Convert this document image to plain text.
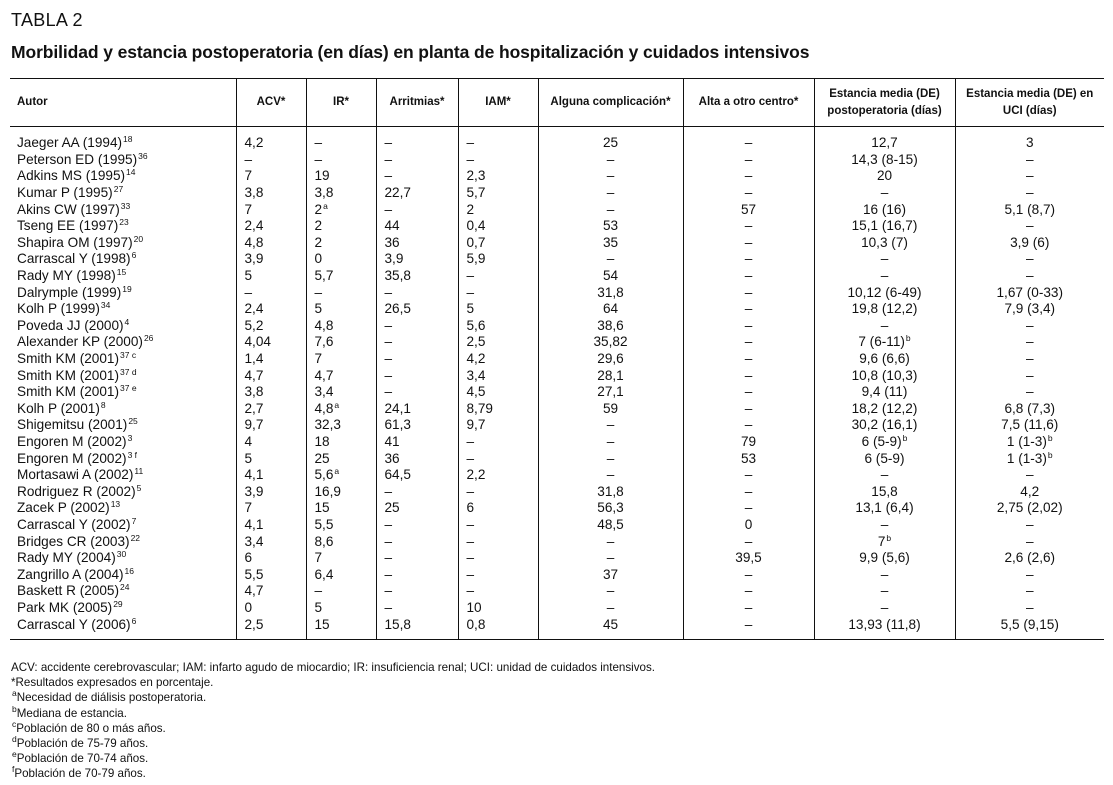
TABLA 2
Morbilidad y estancia postoperatoria (en días) en planta de hospitalización y cuidados intensivos
Autor	ACV*	IR*	Arritmias*	IAM*	Alguna complicación*	Alta a otro centro*	Estancia media (DE) postoperatoria (días)	Estancia media (DE) en UCI (días)
Jaeger AA $(1994)^{18}$	4,2	–	–	–	25	–	12,7	3
Peterson ED $(1995)^{36}$	–	–	–	–	–	–	14,3 (8-15)	–
Adkins MS $(1995)^{14}$	7	19	–	2,3	–	–	20	–
Kumar P $(1995)^{27}$	3,8	3,8	22,7	5,7	–	–	–	–
Akins CW $(1997)^{33}$	7	2$^a$	–	2	–	57	16 (16)	5,1 (8,7)
Tseng EE $(1997)^{23}$	2,4	2	44	0,4	53	–	15,1 (16,7)	–
Shapira OM $(1997)^{20}$	4,8	2	36	0,7	35	–	10,3 (7)	3,9 (6)
Carrascal Y $(1998)^6$	3,9	0	3,9	5,9	–	–	–	–
Rady MY $(1998)^{15}$	5	5,7	35,8	–	54	–	–	–
Dalrymple $(1999)^{19}$	–	–	–	–	31,8	–	10,12 (6-49)	1,67 (0-33)
Kolh P $(1999)^{34}$	2,4	5	26,5	5	64	–	19,8 (12,2)	7,9 (3,4)
Poveda JJ $(2000)^4$	5,2	4,8	–	5,6	38,6	–	–	–
Alexander KP $(2000)^{26}$	4,04	7,6	–	2,5	35,82	–	7 $(6-11)^b$	–
Smith KM $(2001)^{37 c}$	1,4	7	–	4,2	29,6	–	9,6 (6,6)	–
Smith KM $(2001)^{37 d}$	4,7	4,7	–	3,4	28,1	–	10,8 (10,3)	–
Smith KM $(2001)^{37 e}$	3,8	3,4	–	4,5	27,1	–	9,4 (11)	–
Kolh P $(2001)^8$	2,7	4,8$^a$	24,1	8,79	59	–	18,2 (12,2)	6,8 (7,3)
Shigemitsu $(2001)^{25}$	9,7	32,3	61,3	9,7	–	–	30,2 (16,1)	7,5 (11,6)
Engoren M $(2002)^3$	4	18	41	–	–	79	6 $(5-9)^b$	1 $(1-3)^b$
Engoren M $(2002)^{3 f}$	5	25	36	–	–	53	6 (5-9)	1 $(1-3)^b$
Mortasawi A $(2002)^{11}$	4,1	5,6$^a$	64,5	2,2	–	–	–	–
Rodriguez R $(2002)^5$	3,9	16,9	–	–	31,8	–	15,8	4,2
Zacek P $(2002)^{13}$	7	15	25	6	56,3	–	13,1 (6,4)	2,75 (2,02)
Carrascal Y $(2002)^7$	4,1	5,5	–	–	48,5	0	–	–
Bridges CR $(2003)^{22}$	3,4	8,6	–	–	–	–	7$^b$	–
Rady MY $(2004)^{30}$	6	7	–	–	–	39,5	9,9 (5,6)	2,6 (2,6)
Zangrillo A $(2004)^{16}$	5,5	6,4	–	–	37	–	–	–
Baskett R $(2005)^{24}$	4,7	–	–	–	–	–	–	–
Park MK $(2005)^{29}$	0	5	–	10	–	–	–	–
Carrascal Y $(2006)^6$	2,5	15	15,8	0,8	45	–	13,93 (11,8)	5,5 (9,15)
ACV: accidente cerebrovascular; IAM: infarto agudo de miocardio; IR: insuficiencia renal; UCI: unidad de cuidados intensivos.
*Resultados expresados en porcentaje.
$^a$Necesidad de diálisis postoperatoria.
$^b$Mediana de estancia.
$^c$Población de 80 o más años.
$^d$Población de 75-79 años.
$^e$Población de 70-74 años.
$^f$Población de 70-79 años.
